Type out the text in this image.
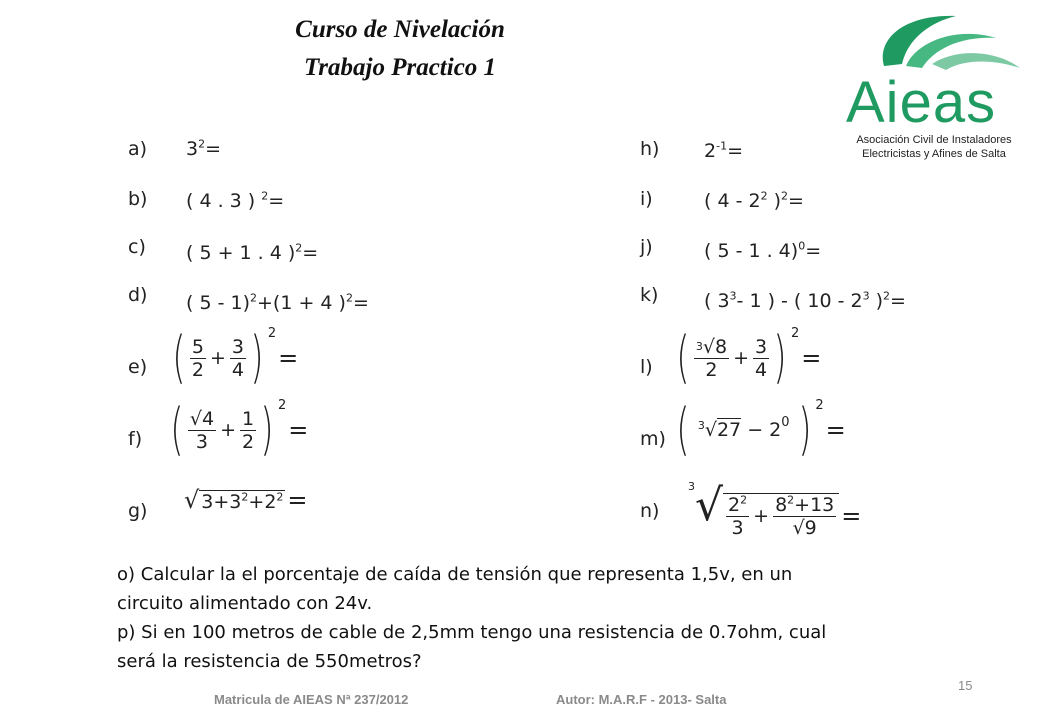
Curso de Nivelación
Trabajo Practico 1
Aieas
Asociación Civil de Instaladores
Electricistas y Afines de Salta
a) $3^2=$
b) ( 4 . 3 ) $^2$=
c) ( 5 + 1 . 4 )$^2$=
d) ( 5 - 1)$^2$+(1 + 4 )$^2$=
e) ( $\frac{5}{2} + \frac{3}{4}$ ) 2=
f) ( $\frac{√4}{3} + \frac{1}{2}$ ) 2=
g) √ $3+3^2+2^2$ =
h) $2^{-1}=$
i)	( $4 - 2^2$ )$^2$=
j)	( 5 - 1 . 4)$^0$=
k) ( $3^3-$ 1 ) - ( $10 - 2^3$ )$^2$=
l) ( $\frac{^3√8}{2} + \frac{3}{4}$ ) 2=
m) ( $^3$√27 − 20 ) 2=
n)
$^3√ \frac{2^2}{3} + \frac{8^2+13}{√9}$ =
o) Calcular la el porcentaje de caída de tensión que representa 1,5v, en un circuito alimentado con 24v.
p) Si en 100 metros de cable de 2,5mm tengo una resistencia de 0.7ohm, cual será la resistencia de 550metros?
Matricula de AIEAS Nª 237/2012	Autor: M.A.R.F - 2013- Salta
15
